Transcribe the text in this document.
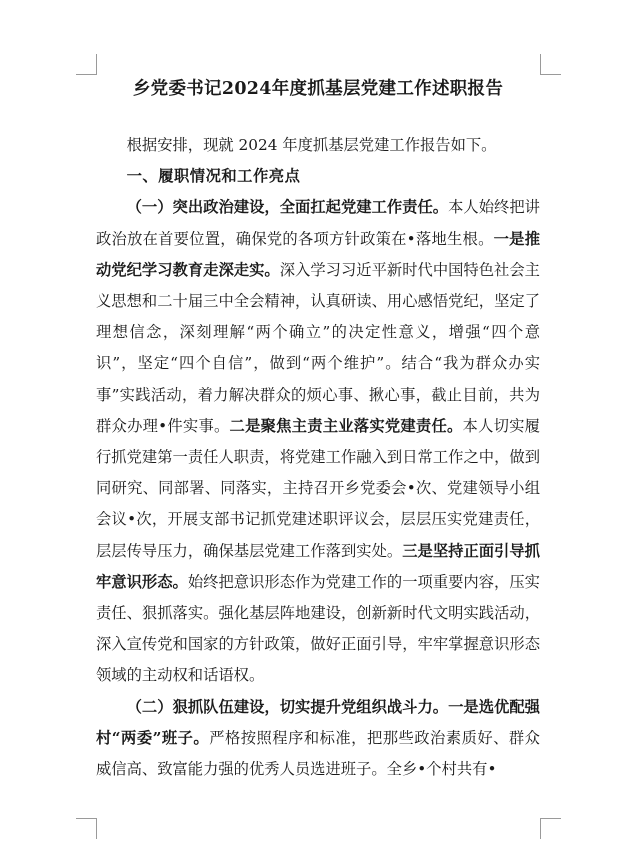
乡党委书记2024年度抓基层党建工作述职报告

根据安排，现就 2024 年度抓基层党建工作报告如下。

一、履职情况和工作亮点

（一）突出政治建设，全面扛起党建工作责任。本人始终把讲政治放在首要位置，确保党的各项方针政策在•落地生根。一是推动党纪学习教育走深走实。深入学习习近平新时代中国特色社会主义思想和二十届三中全会精神，认真研读、用心感悟党纪，坚定了理想信念，深刻理解“两个确立”的决定性意义，增强“四个意识”，坚定“四个自信”，做到“两个维护”。结合“我为群众办实事”实践活动，着力解决群众的烦心事、揪心事，截止目前，共为群众办理•件实事。二是聚焦主责主业落实党建责任。本人切实履行抓党建第一责任人职责，将党建工作融入到日常工作之中，做到同研究、同部署、同落实，主持召开乡党委会•次、党建领导小组会议•次，开展支部书记抓党建述职评议会，层层压实党建责任，层层传导压力，确保基层党建工作落到实处。三是坚持正面引导抓牢意识形态。始终把意识形态作为党建工作的一项重要内容，压实责任、狠抓落实。强化基层阵地建设，创新新时代文明实践活动，深入宣传党和国家的方针政策，做好正面引导，牢牢掌握意识形态领域的主动权和话语权。

（二）狠抓队伍建设，切实提升党组织战斗力。一是选优配强村“两委”班子。严格按照程序和标准，把那些政治素质好、群众威信高、致富能力强的优秀人员选进班子。全乡•个村共有•
